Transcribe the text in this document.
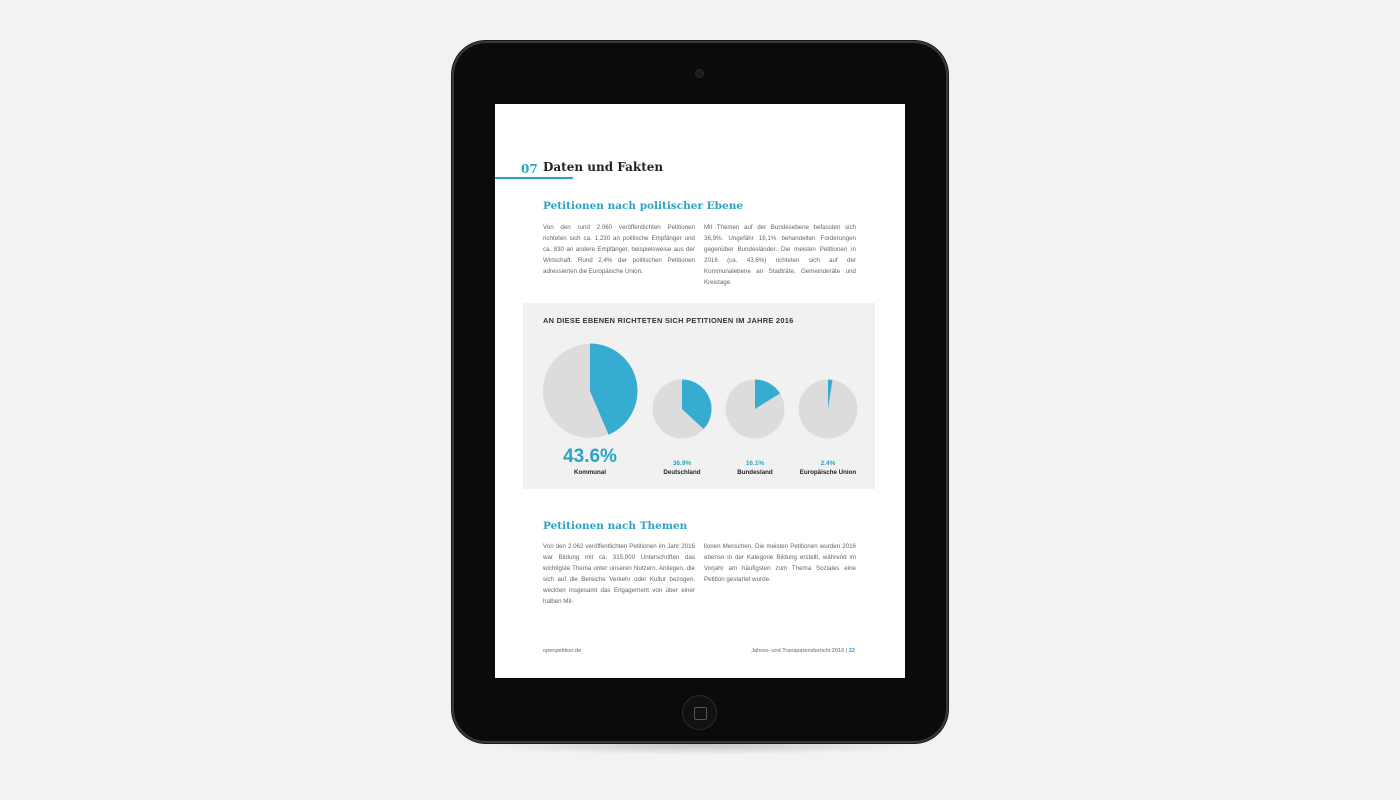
07 Daten und Fakten
Petitionen nach politischer Ebene
Von den rund 2.060 veröffentlichten Petitionen richteten sich ca. 1.230 an politische Empfänger und ca. 830 an andere Empfänger, beispielsweise aus der Wirtschaft. Rund 2,4% der politischen Petitionen adressierten die Europäische Union.
Mit Themen auf der Bundesebene befassten sich 36,9%. Ungefähr 16,1% behandelten Forderungen gegenüber Bundesländer. Die meisten Petitionen in 2016 (ca. 43,6%) richteten sich auf der Kommunalebene an Stadträte, Gemeinderäte und Kreistage.
AN DIESE EBENEN RICHTETEN SICH PETITIONEN IM JAHRE 2016
43.6%
Kommunal
36.9%
Deutschland
16.1%
Bundesland
2.4%
Europäische Union
Petitionen nach Themen
Von den 2.062 veröffentlichten Petitionen im Jahr 2016 war Bildung mit ca. 315.000 Unterschriften das wichtigste Thema unter unseren Nutzern. Anliegen, die sich auf die Bereiche Verkehr oder Kultur bezogen, weckten insgesamt das Engagement von über einer halben Mil-
lionen Menschen. Die meisten Petitionen wurden 2016 ebenso in der Kategorie Bildung erstellt, während im Vorjahr am häufigsten zum Thema Soziales eine Petition gestartet wurde.
openpetition.de	Jahres- und Transparenzbericht 2016 | 22
